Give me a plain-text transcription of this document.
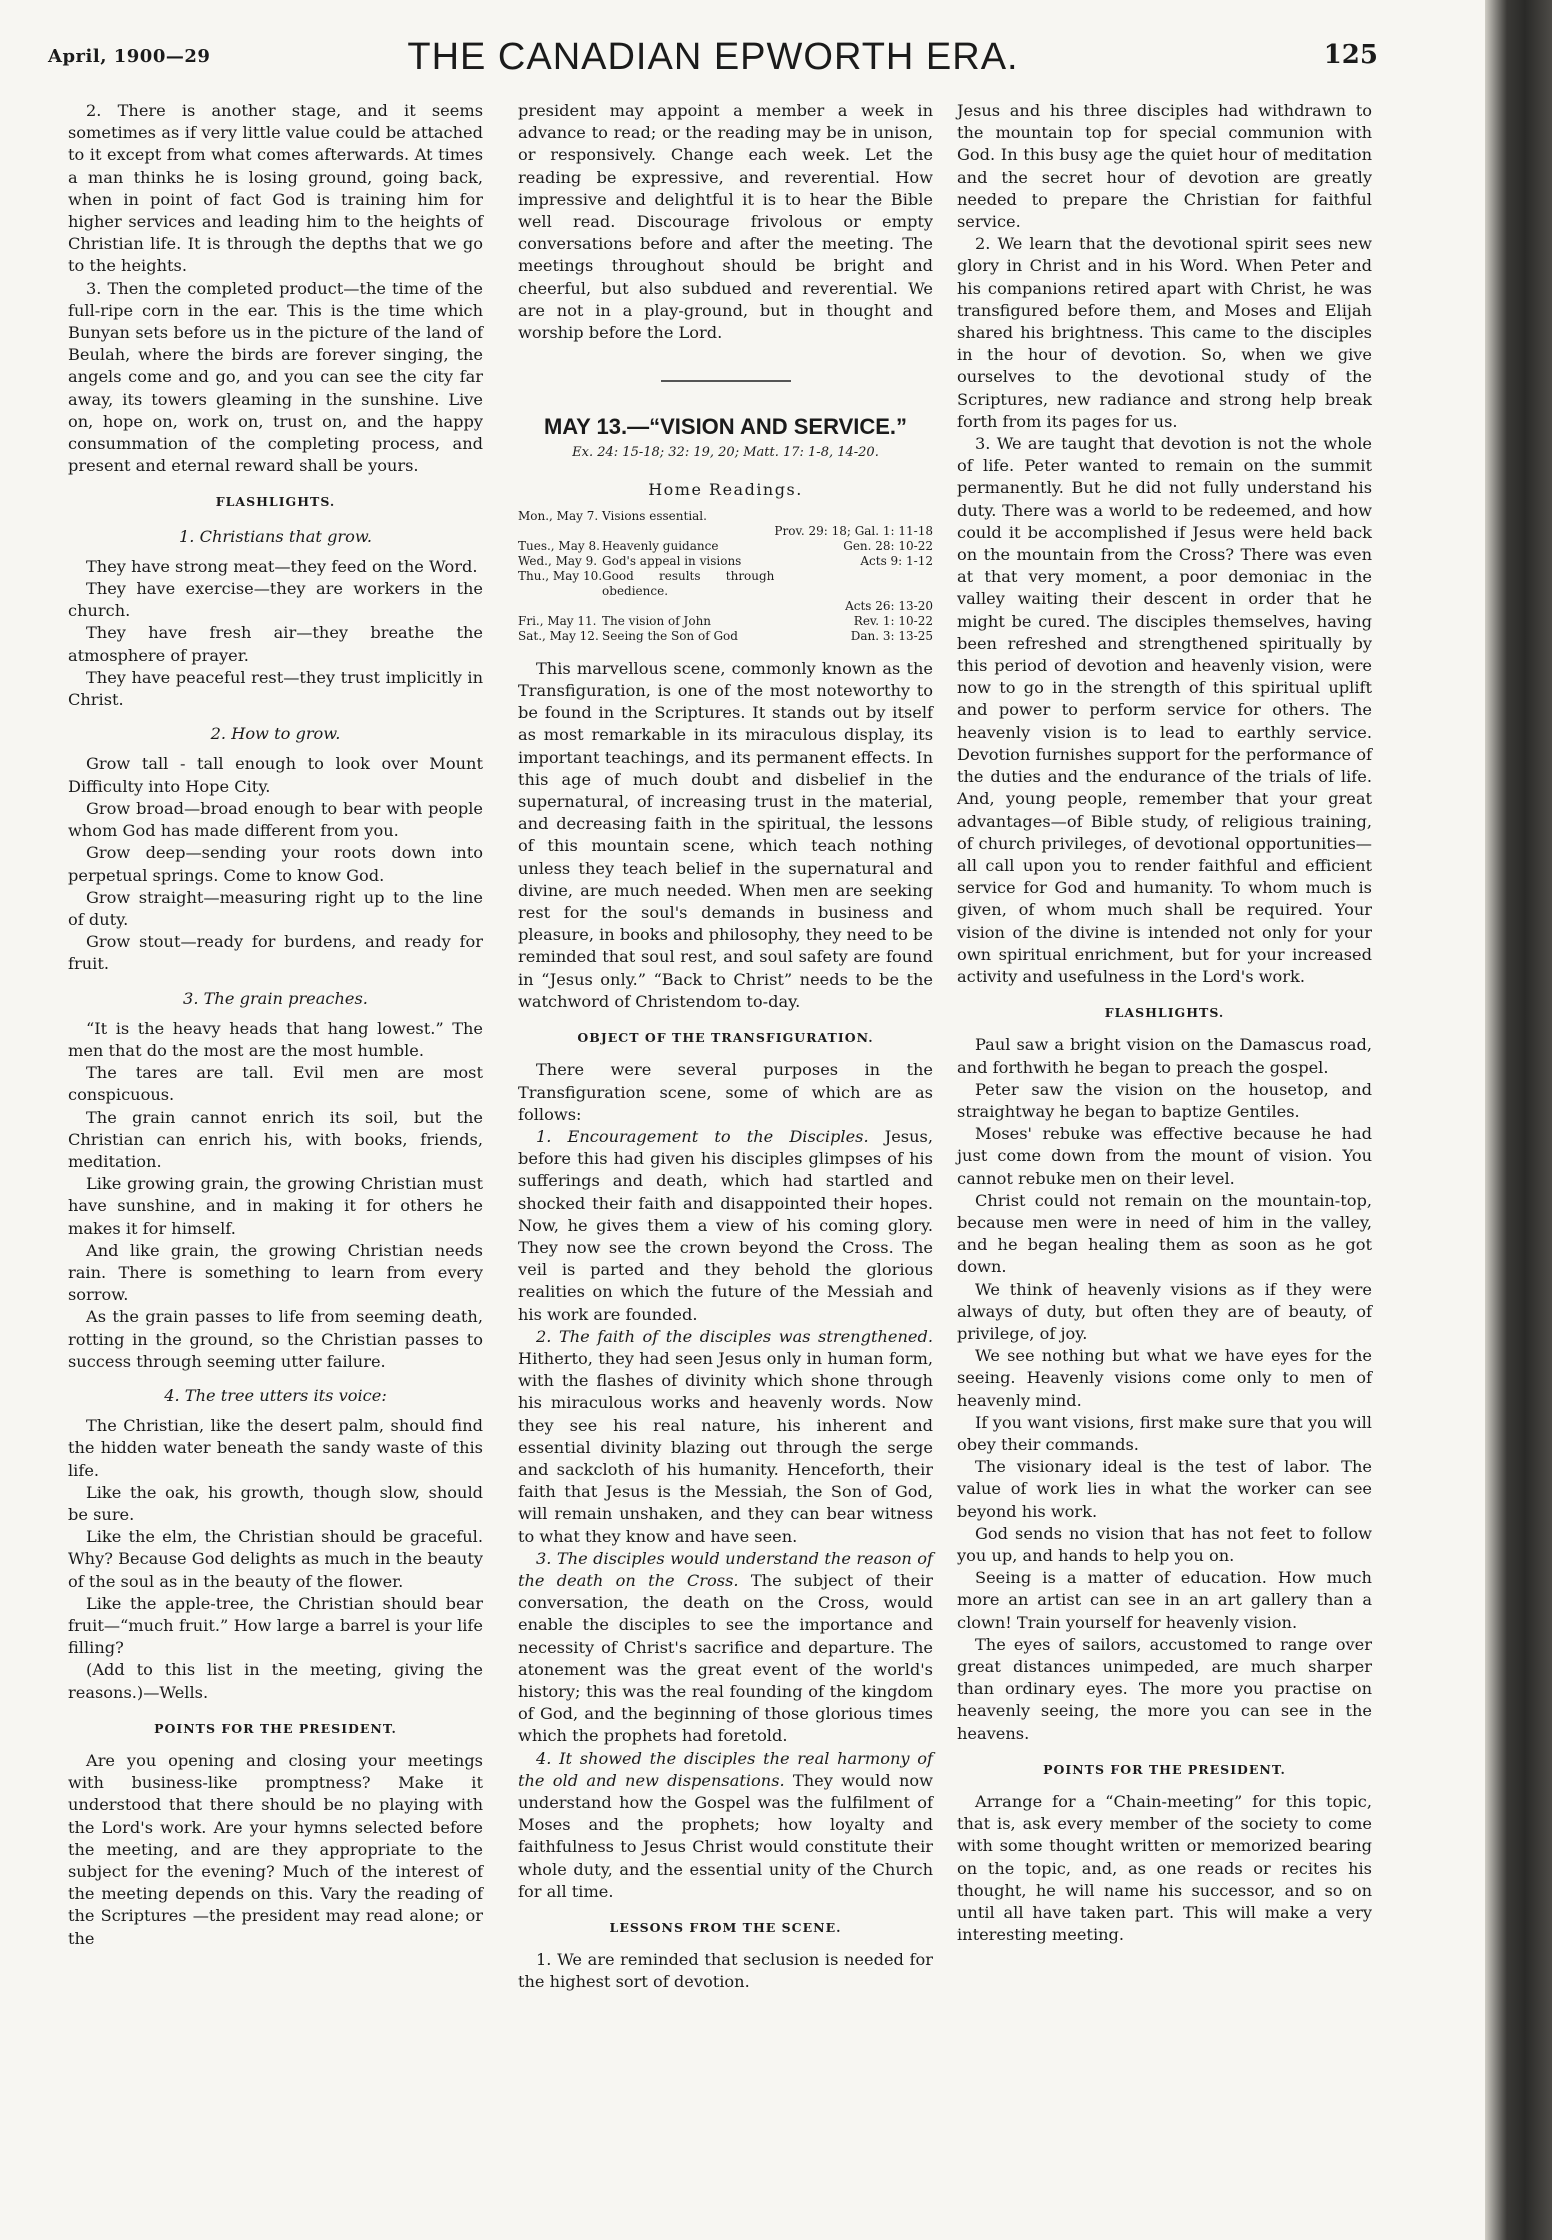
April, 1900—29	THE CANADIAN EPWORTH ERA.	125

2. There is another stage, and it seems sometimes as if very little value could be attached to it except from what comes afterwards. At times a man thinks he is losing ground, going back, when in point of fact God is training him for higher services and leading him to the heights of Christian life. It is through the depths that we go to the heights.

3. Then the completed product—the time of the full-ripe corn in the ear. This is the time which Bunyan sets before us in the picture of the land of Beulah, where the birds are forever singing, the angels come and go, and you can see the city far away, its towers gleaming in the sunshine. Live on, hope on, work on, trust on, and the happy consummation of the completing process, and present and eternal reward shall be yours.

FLASHLIGHTS.
1. Christians that grow.

They have strong meat—they feed on the Word.

They have exercise—they are workers in the church.

They have fresh air—they breathe the atmosphere of prayer.

They have peaceful rest—they trust implicitly in Christ.

2. How to grow.

Grow tall - tall enough to look over Mount Difficulty into Hope City.

Grow broad—broad enough to bear with people whom God has made different from you.

Grow deep—sending your roots down into perpetual springs. Come to know God.

Grow straight—measuring right up to the line of duty.

Grow stout—ready for burdens, and ready for fruit.

3. The grain preaches.

“It is the heavy heads that hang lowest.” The men that do the most are the most humble.

The tares are tall. Evil men are most conspicuous.

The grain cannot enrich its soil, but the Christian can enrich his, with books, friends, meditation.

Like growing grain, the growing Christian must have sunshine, and in making it for others he makes it for himself.

And like grain, the growing Christian needs rain. There is something to learn from every sorrow.

As the grain passes to life from seeming death, rotting in the ground, so the Christian passes to success through seeming utter failure.

4. The tree utters its voice:

The Christian, like the desert palm, should find the hidden water beneath the sandy waste of this life.

Like the oak, his growth, though slow, should be sure.

Like the elm, the Christian should be graceful. Why? Because God delights as much in the beauty of the soul as in the beauty of the flower.

Like the apple-tree, the Christian should bear fruit—“much fruit.” How large a barrel is your life filling?

(Add to this list in the meeting, giving the reasons.)—Wells.

POINTS FOR THE PRESIDENT.

Are you opening and closing your meetings with business-like promptness? Make it understood that there should be no playing with the Lord's work. Are your hymns selected before the meeting, and are they appropriate to the subject for the evening? Much of the interest of the meeting depends on this. Vary the reading of the Scriptures —the president may read alone; or the

president may appoint a member a week in advance to read; or the reading may be in unison, or responsively. Change each week. Let the reading be expressive, and reverential. How impressive and delightful it is to hear the Bible well read. Discourage frivolous or empty conversations before and after the meeting. The meetings throughout should be bright and cheerful, but also subdued and reverential. We are not in a play-ground, but in thought and worship before the Lord.

MAY 13.—“VISION AND SERVICE.”
Ex. 24: 15-18; 32: 19, 20; Matt. 17: 1-8, 14-20.
Home Readings.
Mon., May 7.	Visions essential.	
		Prov. 29: 18; Gal. 1: 11-18
Tues., May 8.	Heavenly guidance	Gen. 28: 10-22
Wed., May 9.	God's appeal in visions	Acts 9: 1-12
Thu., May 10.	Good results through obedience.	
		Acts 26: 13-20
Fri., May 11.	The vision of John	Rev. 1: 10-22
Sat., May 12.	Seeing the Son of God	Dan. 3: 13-25

This marvellous scene, commonly known as the Transfiguration, is one of the most noteworthy to be found in the Scriptures. It stands out by itself as most remarkable in its miraculous display, its important teachings, and its permanent effects. In this age of much doubt and disbelief in the supernatural, of increasing trust in the material, and decreasing faith in the spiritual, the lessons of this mountain scene, which teach nothing unless they teach belief in the supernatural and divine, are much needed. When men are seeking rest for the soul's demands in business and pleasure, in books and philosophy, they need to be reminded that soul rest, and soul safety are found in “Jesus only.” “Back to Christ” needs to be the watchword of Christendom to-day.

OBJECT OF THE TRANSFIGURATION.

There were several purposes in the Transfiguration scene, some of which are as follows:

1. Encouragement to the Disciples. Jesus, before this had given his disciples glimpses of his sufferings and death, which had startled and shocked their faith and disappointed their hopes. Now, he gives them a view of his coming glory. They now see the crown beyond the Cross. The veil is parted and they behold the glorious realities on which the future of the Messiah and his work are founded.

2. The faith of the disciples was strengthened. Hitherto, they had seen Jesus only in human form, with the flashes of divinity which shone through his miraculous works and heavenly words. Now they see his real nature, his inherent and essential divinity blazing out through the serge and sackcloth of his humanity. Henceforth, their faith that Jesus is the Messiah, the Son of God, will remain unshaken, and they can bear witness to what they know and have seen.

3. The disciples would understand the reason of the death on the Cross. The subject of their conversation, the death on the Cross, would enable the disciples to see the importance and necessity of Christ's sacrifice and departure. The atonement was the great event of the world's history; this was the real founding of the kingdom of God, and the beginning of those glorious times which the prophets had foretold.

4. It showed the disciples the real harmony of the old and new dispensations. They would now understand how the Gospel was the fulfilment of Moses and the prophets; how loyalty and faithfulness to Jesus Christ would constitute their whole duty, and the essential unity of the Church for all time.

LESSONS FROM THE SCENE.

1. We are reminded that seclusion is needed for the highest sort of devotion.

Jesus and his three disciples had withdrawn to the mountain top for special communion with God. In this busy age the quiet hour of meditation and the secret hour of devotion are greatly needed to prepare the Christian for faithful service.

2. We learn that the devotional spirit sees new glory in Christ and in his Word. When Peter and his companions retired apart with Christ, he was transfigured before them, and Moses and Elijah shared his brightness. This came to the disciples in the hour of devotion. So, when we give ourselves to the devotional study of the Scriptures, new radiance and strong help break forth from its pages for us.

3. We are taught that devotion is not the whole of life. Peter wanted to remain on the summit permanently. But he did not fully understand his duty. There was a world to be redeemed, and how could it be accomplished if Jesus were held back on the mountain from the Cross? There was even at that very moment, a poor demoniac in the valley waiting their descent in order that he might be cured. The disciples themselves, having been refreshed and strengthened spiritually by this period of devotion and heavenly vision, were now to go in the strength of this spiritual uplift and power to perform service for others. The heavenly vision is to lead to earthly service. Devotion furnishes support for the performance of the duties and the endurance of the trials of life. And, young people, remember that your great advantages—of Bible study, of religious training, of church privileges, of devotional opportunities—all call upon you to render faithful and efficient service for God and humanity. To whom much is given, of whom much shall be required. Your vision of the divine is intended not only for your own spiritual enrichment, but for your increased activity and usefulness in the Lord's work.

FLASHLIGHTS.

Paul saw a bright vision on the Damascus road, and forthwith he began to preach the gospel.

Peter saw the vision on the housetop, and straightway he began to baptize Gentiles.

Moses' rebuke was effective because he had just come down from the mount of vision. You cannot rebuke men on their level.

Christ could not remain on the mountain-top, because men were in need of him in the valley, and he began healing them as soon as he got down.

We think of heavenly visions as if they were always of duty, but often they are of beauty, of privilege, of joy.

We see nothing but what we have eyes for the seeing. Heavenly visions come only to men of heavenly mind.

If you want visions, first make sure that you will obey their commands.

The visionary ideal is the test of labor. The value of work lies in what the worker can see beyond his work.

God sends no vision that has not feet to follow you up, and hands to help you on.

Seeing is a matter of education. How much more an artist can see in an art gallery than a clown! Train yourself for heavenly vision.

The eyes of sailors, accustomed to range over great distances unimpeded, are much sharper than ordinary eyes. The more you practise on heavenly seeing, the more you can see in the heavens.

POINTS FOR THE PRESIDENT.

Arrange for a “Chain-meeting” for this topic, that is, ask every member of the society to come with some thought written or memorized bearing on the topic, and, as one reads or recites his thought, he will name his successor, and so on until all have taken part. This will make a very interesting meeting.
